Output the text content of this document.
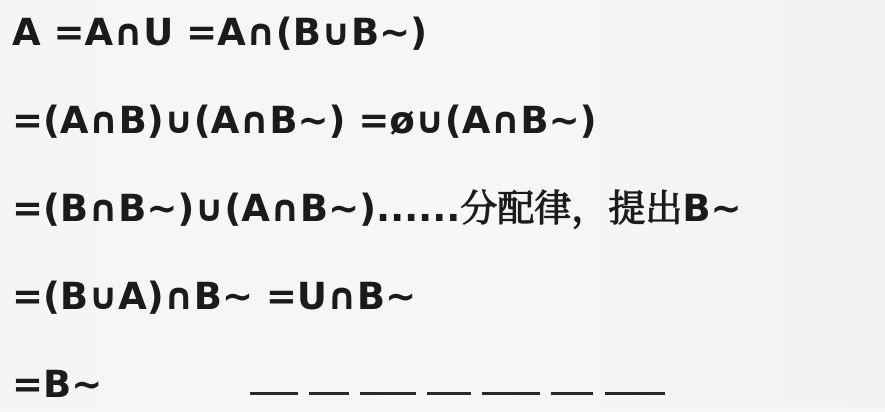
A =A∩U =A∩(B∪B~)
=(A∩B)∪(A∩B~) =ø∪(A∩B~)
=(B∩B~)∪(A∩B~)......分配律，提出B~
=(B∪A)∩B~ =U∩B~
=B~
